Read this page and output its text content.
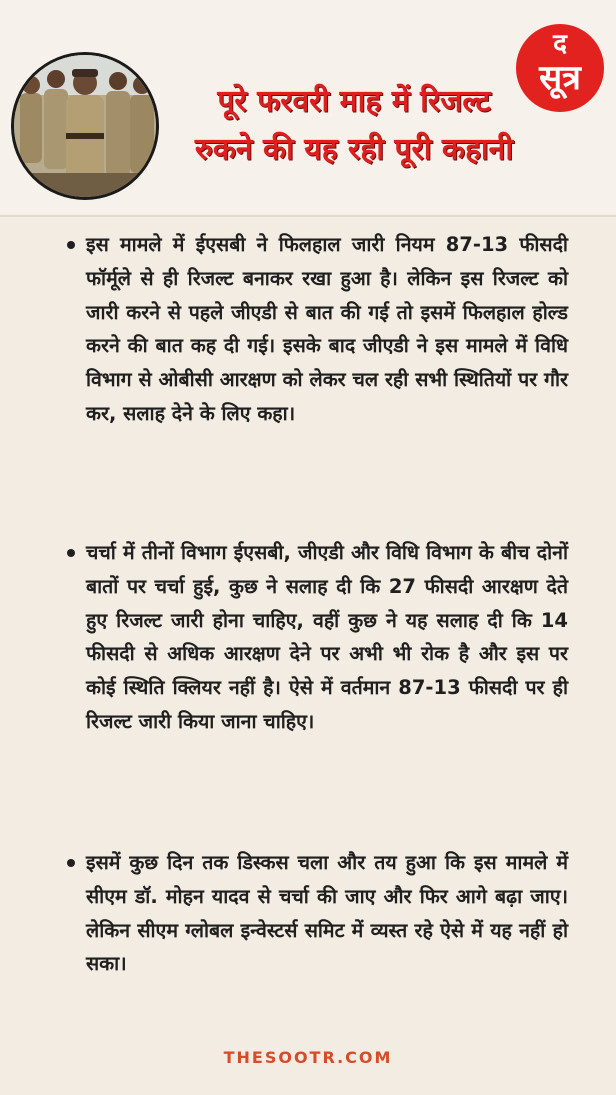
पूरे फरवरी माह में रिजल्ट
रुकने की यह रही पूरी कहानी
द
सूत्र
इस मामले में ईएसबी ने फिलहाल जारी नियम 87-13 फीसदी फॉर्मूले से ही रिजल्ट बनाकर रखा हुआ है। लेकिन इस रिजल्ट को जारी करने से पहले जीएडी से बात की गई तो इसमें फिलहाल होल्ड करने की बात कह दी गई। इसके बाद जीएडी ने इस मामले में विधि विभाग से ओबीसी आरक्षण को लेकर चल रही सभी स्थितियों पर गौर कर, सलाह देने के लिए कहा।
चर्चा में तीनों विभाग ईएसबी, जीएडी और विधि विभाग के बीच दोनों बातों पर चर्चा हुई, कुछ ने सलाह दी कि 27 फीसदी आरक्षण देते हुए रिजल्ट जारी होना चाहिए, वहीं कुछ ने यह सलाह दी कि 14 फीसदी से अधिक आरक्षण देने पर अभी भी रोक है और इस पर कोई स्थिति क्लियर नहीं है। ऐसे में वर्तमान 87-13 फीसदी पर ही रिजल्ट जारी किया जाना चाहिए।
इसमें कुछ दिन तक डिस्कस चला और तय हुआ कि इस मामले में सीएम डॉ. मोहन यादव से चर्चा की जाए और फिर आगे बढ़ा जाए। लेकिन सीएम ग्लोबल इन्वेस्टर्स समिट में व्यस्त रहे ऐसे में यह नहीं हो सका।
THESOOTR.COM
